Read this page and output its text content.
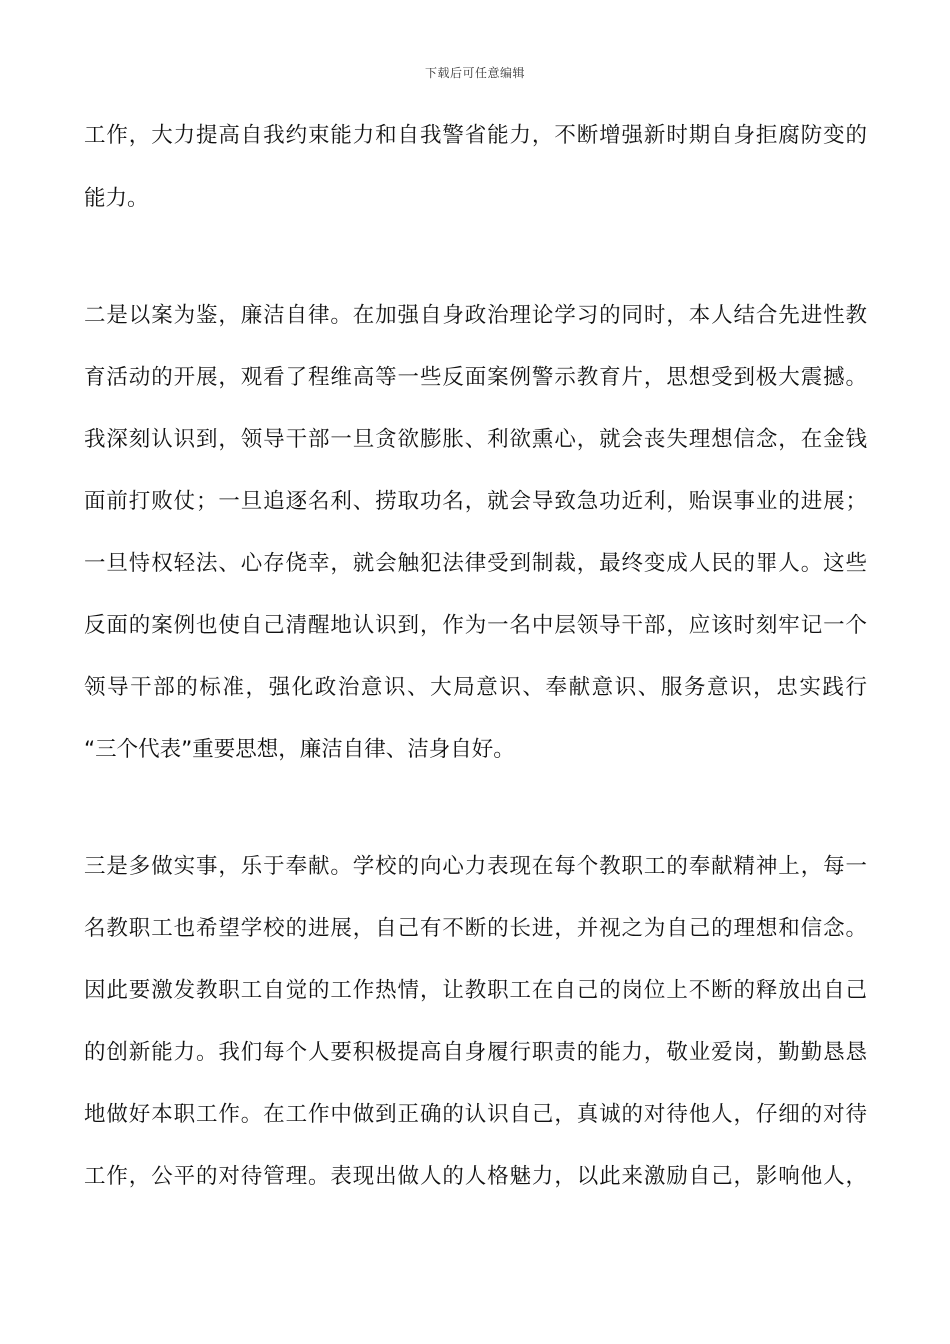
下载后可任意编辑
工作，大力提高自我约束能力和自我警省能力，不断增强新时期自身拒腐防变的
能力。
二是以案为鉴，廉洁自律。在加强自身政治理论学习的同时，本人结合先进性教
育活动的开展，观看了程维高等一些反面案例警示教育片，思想受到极大震撼。
我深刻认识到，领导干部一旦贪欲膨胀、利欲熏心，就会丧失理想信念，在金钱
面前打败仗；一旦追逐名利、捞取功名，就会导致急功近利，贻误事业的进展；
一旦恃权轻法、心存侥幸，就会触犯法律受到制裁，最终变成人民的罪人。这些
反面的案例也使自己清醒地认识到，作为一名中层领导干部，应该时刻牢记一个
领导干部的标准，强化政治意识、大局意识、奉献意识、服务意识，忠实践行
“三个代表”重要思想，廉洁自律、洁身自好。
三是多做实事，乐于奉献。学校的向心力表现在每个教职工的奉献精神上，每一
名教职工也希望学校的进展，自己有不断的长进，并视之为自己的理想和信念。
因此要激发教职工自觉的工作热情，让教职工在自己的岗位上不断的释放出自己
的创新能力。我们每个人要积极提高自身履行职责的能力，敬业爱岗，勤勤恳恳
地做好本职工作。在工作中做到正确的认识自己，真诚的对待他人，仔细的对待
工作，公平的对待管理。表现出做人的人格魅力，以此来激励自己，影响他人，
